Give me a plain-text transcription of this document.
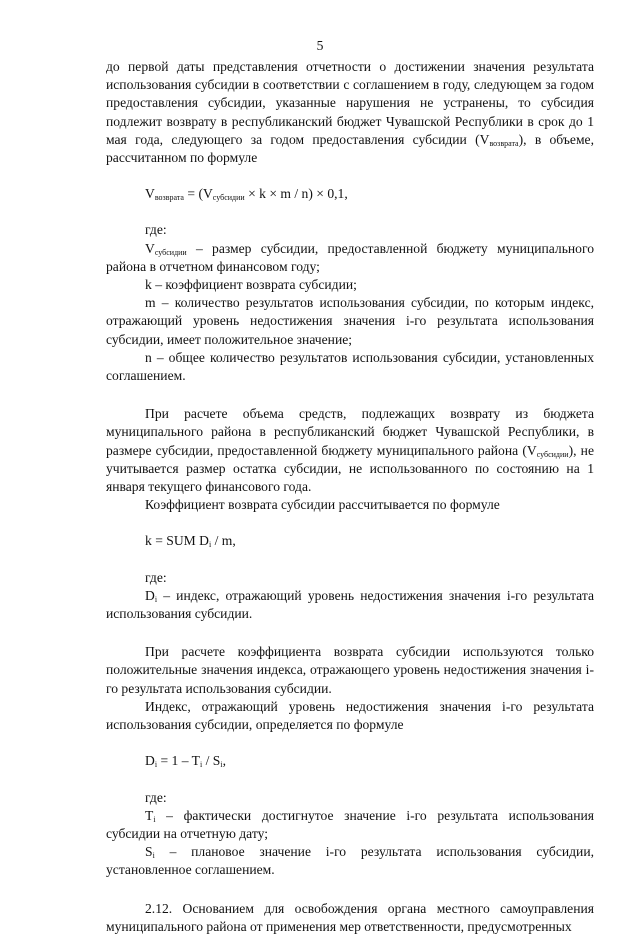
5

до первой даты представления отчетности о достижении значения результата использования субсидии в соответствии с соглашением в году, следующем за годом предоставления субсидии, указанные нарушения не устранены, то субсидия подлежит возврату в республиканский бюджет Чувашской Республики в срок до 1 мая года, следующего за годом предоставления субсидии $(V_{возврата})$, в объеме, рассчитанном по формуле

$V_{возврата} = (V_{субсидии} \times k \times m / n) \times 0,1$,

где:

$V_{субсидии}$ – размер субсидии, предоставленной бюджету муниципального района в отчетном финансовом году;

k – коэффициент возврата субсидии;

m – количество результатов использования субсидии, по которым индекс, отражающий уровень недостижения значения i-го результата использования субсидии, имеет положительное значение;

n – общее количество результатов использования субсидии, установленных соглашением.

При расчете объема средств, подлежащих возврату из бюджета муниципального района в республиканский бюджет Чувашской Республики, в размере субсидии, предоставленной бюджету муниципального района $(V_{субсидии})$, не учитывается размер остатка субсидии, не использованного по состоянию на 1 января текущего финансового года.

Коэффициент возврата субсидии рассчитывается по формуле

k = SUM $D_i$ / m,

где:

$D_i$ – индекс, отражающий уровень недостижения значения i-го результата использования субсидии.

При расчете коэффициента возврата субсидии используются только положительные значения индекса, отражающего уровень недостижения значения i-го результата использования субсидии.

Индекс, отражающий уровень недостижения значения i-го результата использования субсидии, определяется по формуле

$D_i = 1 - T_i / S_i$,

где:

$T_i$ – фактически достигнутое значение i-го результата использования субсидии на отчетную дату;

$S_i$ – плановое значение i-го результата использования субсидии, установленное соглашением.

2.12. Основанием для освобождения органа местного самоуправления муниципального района от применения мер ответственности, предусмотренных
